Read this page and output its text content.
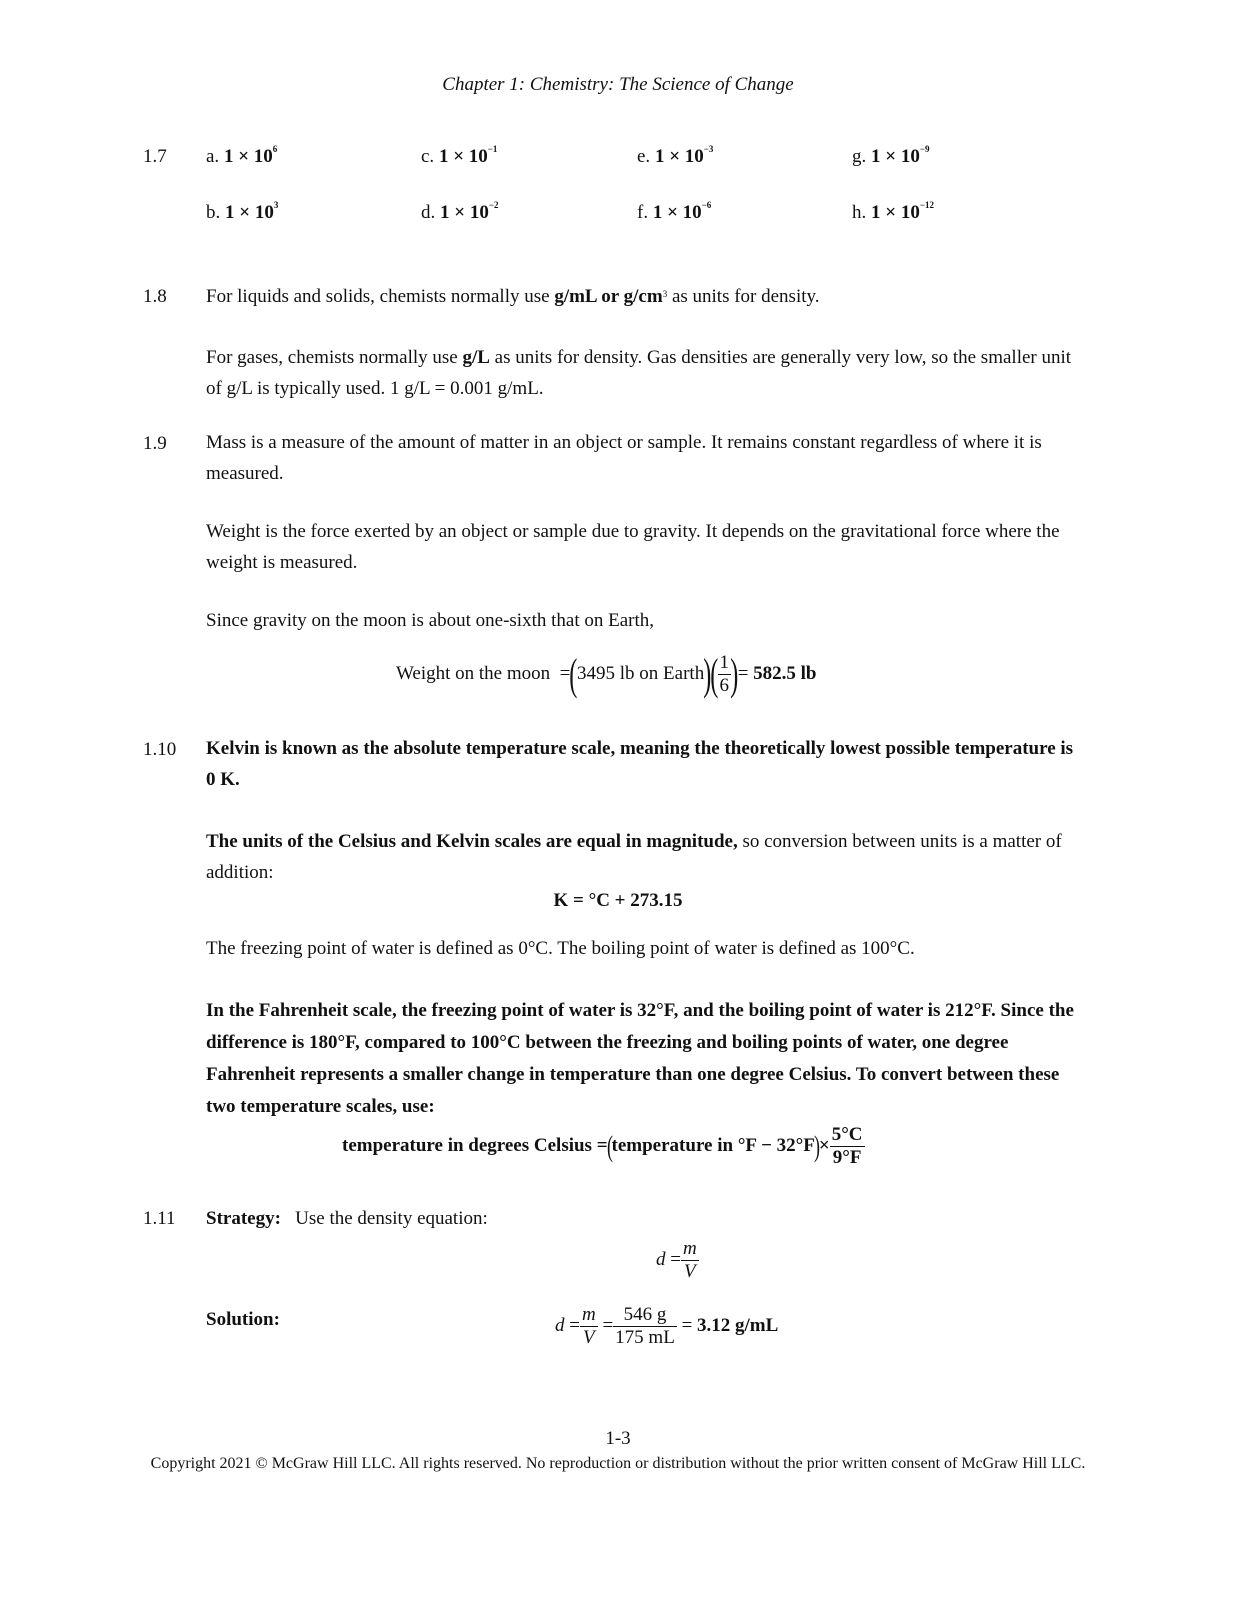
Chapter 1: Chemistry: The Science of Change
1.7 a. $1 \times 10^6$
b. $1 \times 10^3$
c. $1 \times 10^{-1}$
d. $1 \times 10^{-2}$
e. $1 \times 10^{-3}$
f. $1 \times 10^{-6}$
g. $1 \times 10^{-9}$
h. $1 \times 10^{-12}$
1.8 For liquids and solids, chemists normally use g/mL or $g/cm^3$ as units for density.
For gases, chemists normally use g/L as units for density. Gas densities are generally very low, so the smaller unit of g/L is typically used. 1 g/L = 0.001 g/mL.
1.9 Mass is a measure of the amount of matter in an object or sample. It remains constant regardless of where it is measured.
Weight is the force exerted by an object or sample due to gravity. It depends on the gravitational force where the weight is measured.
Since gravity on the moon is about one-sixth that on Earth,
Weight on the moon =(3495 lb on Earth)( $\frac{1}{6}$ )= 582.5 lb
1.10 Kelvin is known as the absolute temperature scale, meaning the theoretically lowest possible temperature is 0 K.
The units of the Celsius and Kelvin scales are equal in magnitude, so conversion between units is a matter of addition:
K = °C + 273.15
The freezing point of water is defined as 0°C. The boiling point of water is defined as 100°C.
In the Fahrenheit scale, the freezing point of water is 32°F, and the boiling point of water is 212°F. Since the difference is 180°F, compared to 100°C between the freezing and boiling points of water, one degree Fahrenheit represents a smaller change in temperature than one degree Celsius. To convert between these two temperature scales, use:
temperature in degrees Celsius =(temperature in $^\circ F - 32^\circ F)\times \frac{5^\circ C}{9^\circ F}$
1.11 Strategy: Use the density equation:
$d = \frac{m}{V}$
Solution:	$d = \frac{m}{V} = \frac{546 g}{175 mL} = 3.12$ g/mL
1-3
Copyright 2021 © McGraw Hill LLC. All rights reserved. No reproduction or distribution without the prior written consent of McGraw Hill LLC.
